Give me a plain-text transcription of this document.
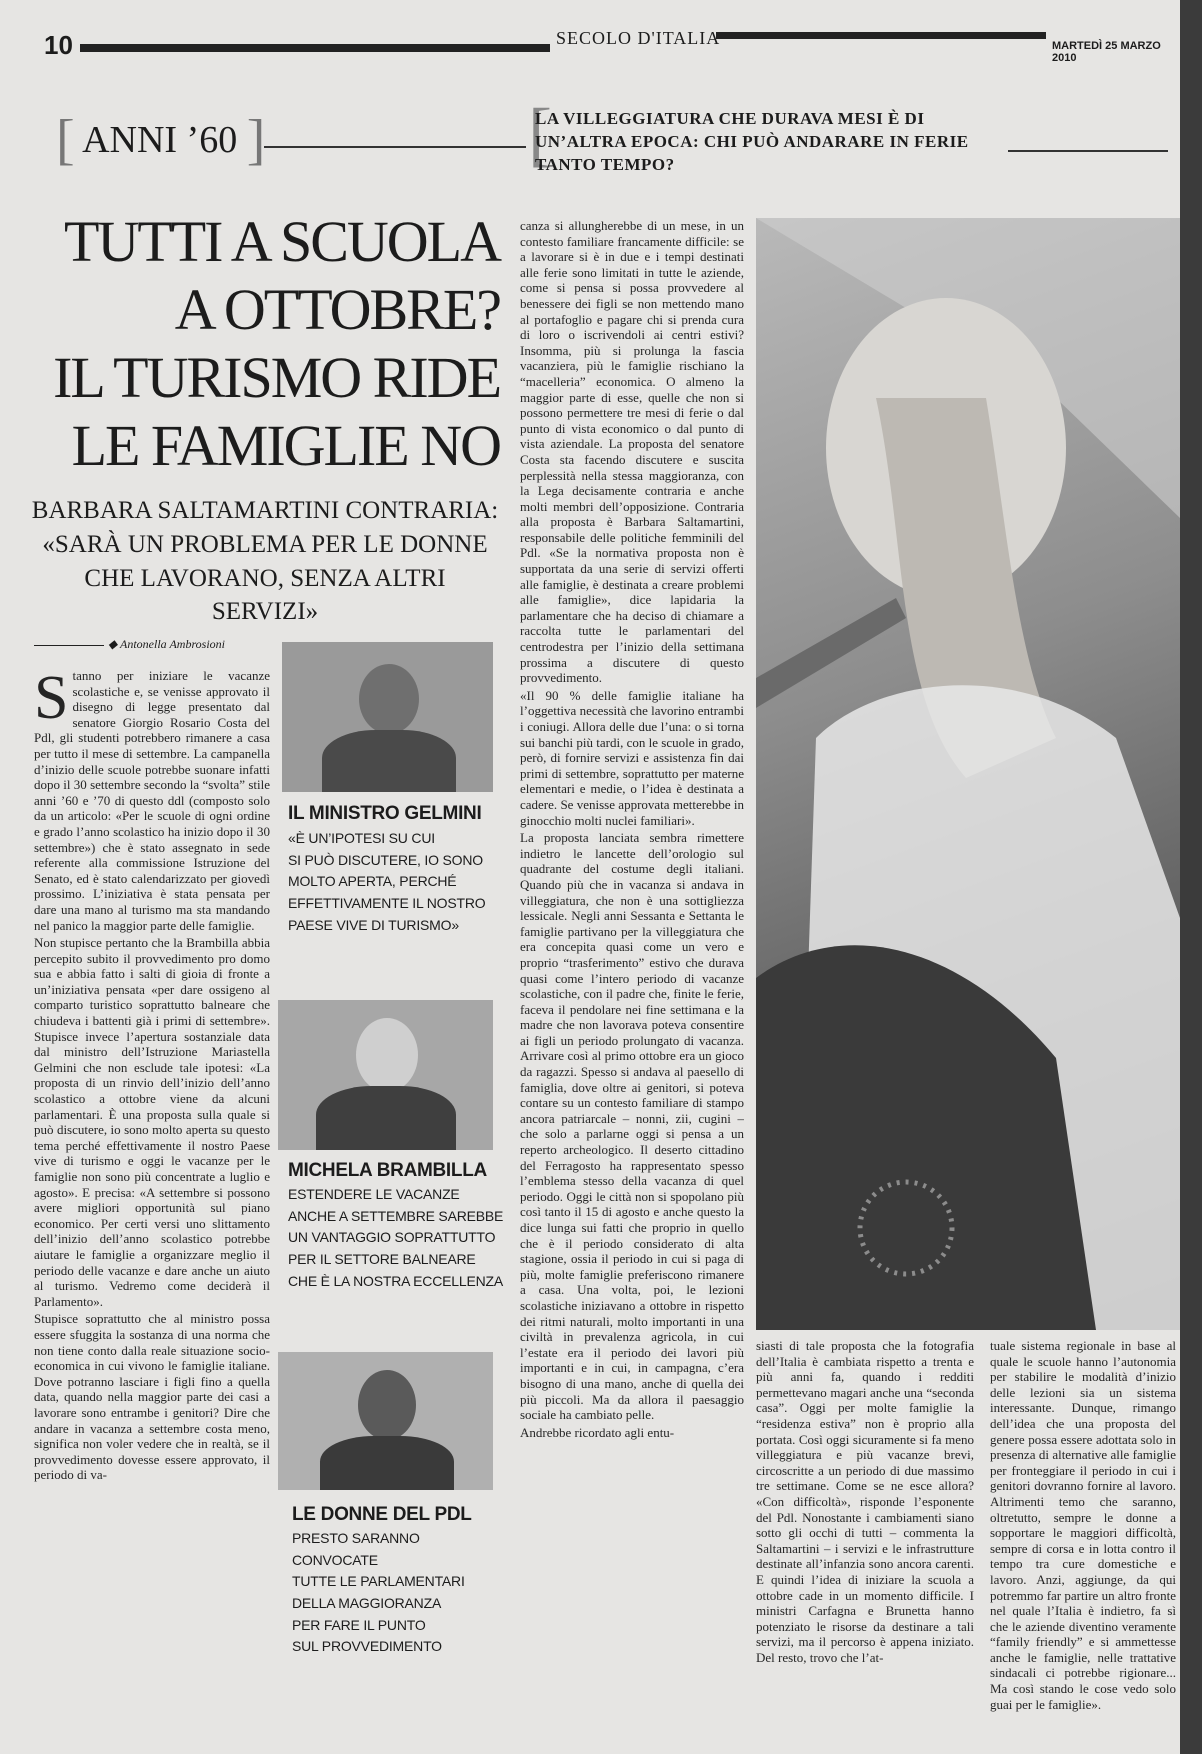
10	SECOLO D'ITALIA	MARTEDÌ 25 MARZO 2010
[ ANNI ’60 ]	[
LA VILLEGGIATURA CHE DURAVA MESI È DI UN’ALTRA EPOCA: CHI PUÒ ANDARARE IN FERIE TANTO TEMPO?
TUTTI A SCUOLA
A OTTOBRE?
IL TURISMO RIDE
LE FAMIGLIE NO
BARBARA SALTAMARTINI CONTRARIA:
«SARÀ UN PROBLEMA PER LE DONNE
CHE LAVORANO, SENZA ALTRI SERVIZI»
◆ Antonella Ambrosioni

Stanno per iniziare le vacanze scolastiche e, se venisse approvato il disegno di legge presentato dal senatore Giorgio Rosario Costa del Pdl, gli studenti potrebbero rimanere a casa per tutto il mese di settembre. La campanella d’inizio delle scuole potrebbe suonare infatti dopo il 30 settembre secondo la “svolta” stile anni ’60 e ’70 di questo ddl (composto solo da un articolo: «Per le scuole di ogni ordine e grado l’anno scolastico ha inizio dopo il 30 settembre») che è stato assegnato in sede referente alla commissione Istruzione del Senato, ed è stato calendarizzato per giovedì prossimo. L’iniziativa è stata pensata per dare una mano al turismo ma sta mandando nel panico la maggior parte delle famiglie.

Non stupisce pertanto che la Brambilla abbia percepito subito il provvedimento pro domo sua e abbia fatto i salti di gioia di fronte a un’iniziativa pensata «per dare ossigeno al comparto turistico soprattutto balneare che chiudeva i battenti già i primi di settembre». Stupisce invece l’apertura sostanziale data dal ministro dell’Istruzione Mariastella Gelmini che non esclude tale ipotesi: «La proposta di un rinvio dell’inizio dell’anno scolastico a ottobre viene da alcuni parlamentari. È una proposta sulla quale si può discutere, io sono molto aperta su questo tema perché effettivamente il nostro Paese vive di turismo e oggi le vacanze per le famiglie non sono più concentrate a luglio e agosto». E precisa: «A settembre si possono avere migliori opportunità sul piano economico. Per certi versi uno slittamento dell’inizio dell’anno scolastico potrebbe aiutare le famiglie a organizzare meglio il periodo delle vacanze e dare anche un aiuto al turismo. Vedremo come deciderà il Parlamento».

Stupisce soprattutto che al ministro possa essere sfuggita la sostanza di una norma che non tiene conto dalla reale situazione socio-economica in cui vivono le famiglie italiane. Dove potranno lasciare i figli fino a quella data, quando nella maggior parte dei casi a lavorare sono entrambe i genitori? Dire che andare in vacanza a settembre costa meno, significa non voler vedere che in realtà, se il provvedimento dovesse essere approvato, il periodo di va-

IL MINISTRO GELMINI
«È UN’IPOTESI SU CUI
SI PUÒ DISCUTERE, IO SONO
MOLTO APERTA, PERCHÉ
EFFETTIVAMENTE IL NOSTRO
PAESE VIVE DI TURISMO»
MICHELA BRAMBILLA
ESTENDERE LE VACANZE
ANCHE A SETTEMBRE SAREBBE
UN VANTAGGIO SOPRATTUTTO
PER IL SETTORE BALNEARE
CHE È LA NOSTRA ECCELLENZA
LE DONNE DEL PDL
PRESTO SARANNO CONVOCATE
TUTTE LE PARLAMENTARI
DELLA MAGGIORANZA
PER FARE IL PUNTO
SUL PROVVEDIMENTO

canza si allungherebbe di un mese, in un contesto familiare francamente difficile: se a lavorare si è in due e i tempi destinati alle ferie sono limitati in tutte le aziende, come si pensa si possa provvedere al benessere dei figli se non mettendo mano al portafoglio e pagare chi si prenda cura di loro o iscrivendoli ai centri estivi? Insomma, più si prolunga la fascia vacanziera, più le famiglie rischiano la “macelleria” economica. O almeno la maggior parte di esse, quelle che non si possono permettere tre mesi di ferie o dal punto di vista economico o dal punto di vista aziendale. La proposta del senatore Costa sta facendo discutere e suscita perplessità nella stessa maggioranza, con la Lega decisamente contraria e anche molti membri dell’opposizione. Contraria alla proposta è Barbara Saltamartini, responsabile delle politiche femminili del Pdl. «Se la normativa proposta non è supportata da una serie di servizi offerti alle famiglie, è destinata a creare problemi alle famiglie», dice lapidaria la parlamentare che ha deciso di chiamare a raccolta tutte le parlamentari del centrodestra per l’inizio della settimana prossima a discutere di questo provvedimento.

«Il 90 % delle famiglie italiane ha l’oggettiva necessità che lavorino entrambi i coniugi. Allora delle due l’una: o si torna sui banchi più tardi, con le scuole in grado, però, di fornire servizi e assistenza fin dai primi di settembre, soprattutto per materne elementari e medie, o l’idea è destinata a cadere. Se venisse approvata metterebbe in ginocchio molti nuclei familiari».

La proposta lanciata sembra rimettere indietro le lancette dell’orologio sul quadrante del costume degli italiani. Quando più che in vacanza si andava in villeggiatura, che non è una sottigliezza lessicale. Negli anni Sessanta e Settanta le famiglie partivano per la villeggiatura che era concepita quasi come un vero e proprio “trasferimento” estivo che durava quasi come l’intero periodo di vacanze scolastiche, con il padre che, finite le ferie, faceva il pendolare nei fine settimana e la madre che non lavorava poteva consentire ai figli un periodo prolungato di vacanza. Arrivare così al primo ottobre era un gioco da ragazzi. Spesso si andava al paesello di famiglia, dove oltre ai genitori, si poteva contare su un contesto familiare di stampo ancora patriarcale – nonni, zii, cugini – che solo a parlarne oggi si pensa a un reperto archeologico. Il deserto cittadino del Ferragosto ha rappresentato spesso l’emblema stesso della vacanza di quel periodo. Oggi le città non si spopolano più così tanto il 15 di agosto e anche questo la dice lunga sui fatti che proprio in quello che è il periodo considerato di alta stagione, ossia il periodo in cui si paga di più, molte famiglie preferiscono rimanere a casa. Una volta, poi, le lezioni scolastiche iniziavano a ottobre in rispetto dei ritmi naturali, molto importanti in una civiltà in prevalenza agricola, in cui l’estate era il periodo dei lavori più importanti e in cui, in campagna, c’era bisogno di una mano, anche di quella dei più piccoli. Ma da allora il paesaggio sociale ha cambiato pelle.

Andrebbe ricordato agli entu-

siasti di tale proposta che la fotografia dell’Italia è cambiata rispetto a trenta e più anni fa, quando i redditi permettevano magari anche una “seconda casa”. Oggi per molte famiglie la “residenza estiva” non è proprio alla portata. Così oggi sicuramente si fa meno villeggiatura e più vacanze brevi, circoscritte a un periodo di due massimo tre settimane. Come se ne esce allora? «Con difficoltà», risponde l’esponente del Pdl. Nonostante i cambiamenti siano sotto gli occhi di tutti – commenta la Saltamartini – i servizi e le infrastrutture destinate all’infanzia sono ancora carenti. E quindi l’idea di iniziare la scuola a ottobre cade in un momento difficile. I ministri Carfagna e Brunetta hanno potenziato le risorse da destinare a tali servizi, ma il percorso è appena iniziato. Del resto, trovo che l’at-

tuale sistema regionale in base al quale le scuole hanno l’autonomia per stabilire le modalità d’inizio delle lezioni sia un sistema interessante. Dunque, rimango dell’idea che una proposta del genere possa essere adottata solo in presenza di alternative alle famiglie per fronteggiare il periodo in cui i genitori dovranno fornire al lavoro. Altrimenti temo che saranno, oltretutto, sempre le donne a sopportare le maggiori difficoltà, sempre di corsa e in lotta contro il tempo tra cure domestiche e lavoro. Anzi, aggiunge, da qui potremmo far partire un altro fronte nel quale l’Italia è indietro, fa sì che le aziende diventino veramente “family friendly” e si ammettesse anche le famiglie, nelle trattative sindacali ci potrebbe rigionare... Ma così stando le cose vedo solo guai per le famiglie».
